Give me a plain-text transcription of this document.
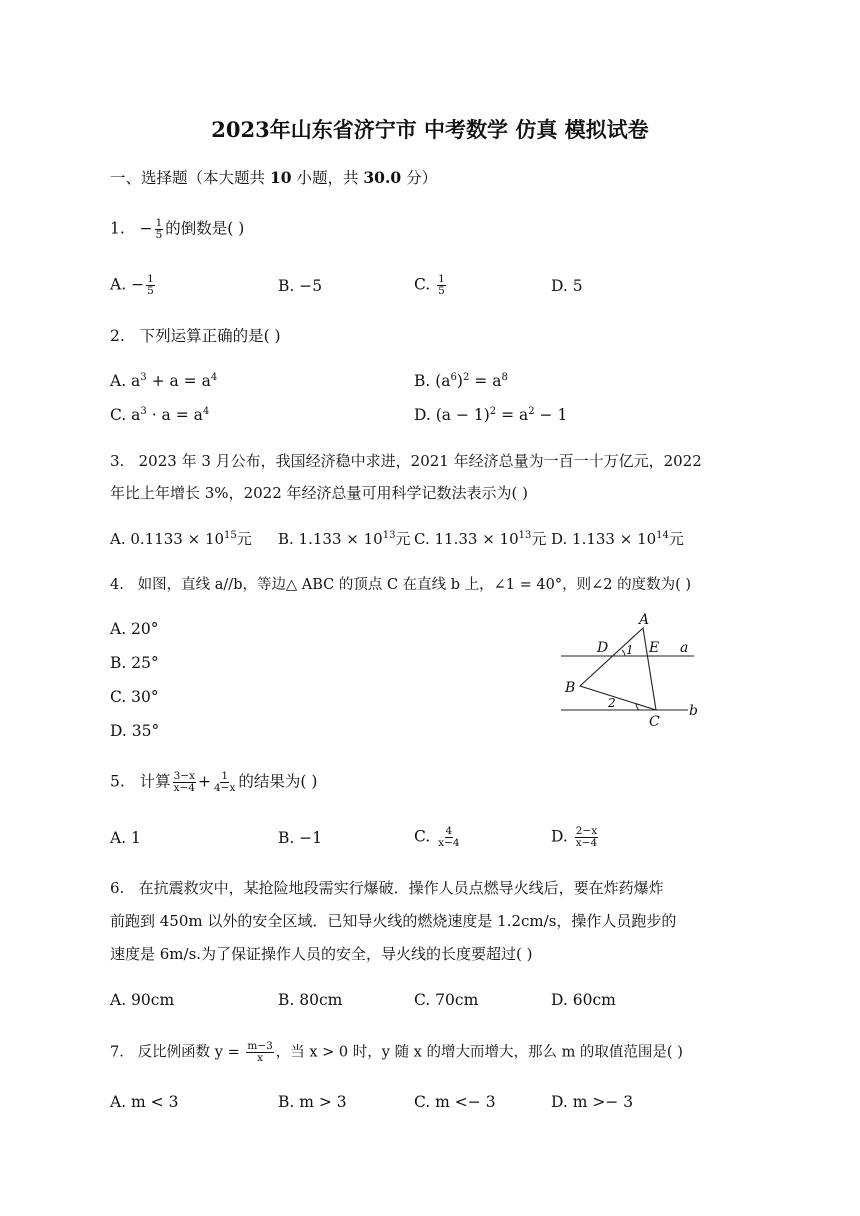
2023年山东省济宁市 中考数学 仿真 模拟试卷
一、选择题（本大题共 10 小题，共 30.0 分）
1. − $\frac{1}{5}$ 的倒数是( )
A. − $\frac{1}{5}$	B. −5	C. $\frac{1}{5}$	D. 5
2. 下列运算正确的是( )
A. $a^3 + a = a^4$	B. $(a^6)^2 = a^8$
C. $a^3 \cdot a = a^4$	D. $(a - 1)^2 = a^2 - 1$
3. 2023 年 3 月公布，我国经济稳中求进，2021 年经济总量为一百一十万亿元，2022
年比上年增长 3%，2022 年经济总量可用科学记数法表示为( )
A. $0.1133 \times 10^{15}$元 B. $1.133 \times 10^{13}$元 C. $11.33 \times 10^{13}$元 D. $1.133 \times 10^{14}$元
4. 如图，直线 a//b，等边△ ABC 的顶点 C 在直线 b 上，∠1 = 40°，则∠2 的度数为( )
A. 20°
B. 25°
C. 30°
D. 35°
A
B
C
D	E
1
2
a
b
5. 计算 $\frac{3-x}{x-4} + \frac{1}{4-x}$ 的结果为( )
A. 1	B. −1	C. $\frac{4}{x-4}$	D. $\frac{2-x}{x-4}$
6. 在抗震救灾中，某抢险地段需实行爆破．操作人员点燃导火线后，要在炸药爆炸
前跑到 450m 以外的安全区域．已知导火线的燃烧速度是 1.2cm/s，操作人员跑步的
速度是 6m/s.为了保证操作人员的安全，导火线的长度要超过( )
A. 90cm	B. 80cm	C. 70cm	D. 60cm
7. 反比例函数 $y = \frac{m-3}{x}$ ，当 x > 0 时，y 随 x 的增大而增大，那么 m 的取值范围是( )
A. m < 3	B. m > 3	C. m <− 3	D. m >− 3
